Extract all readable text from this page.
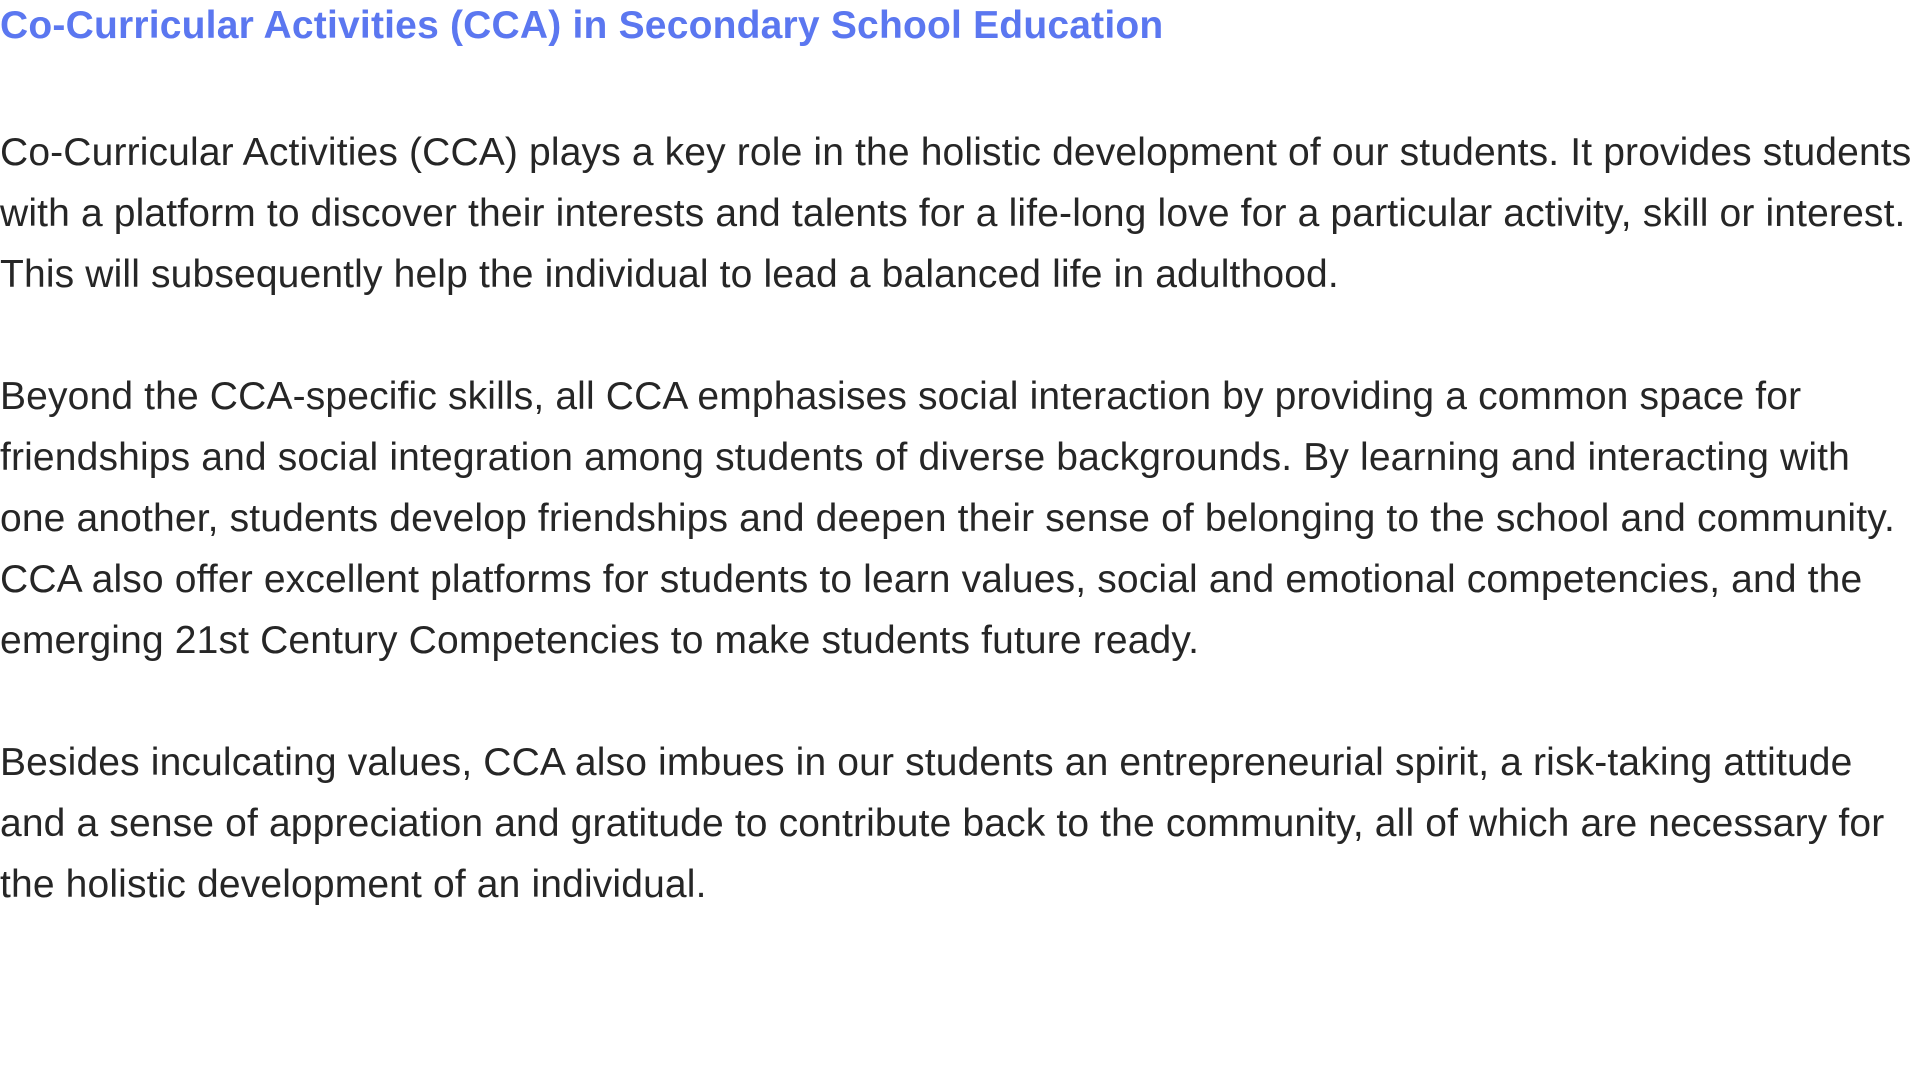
Co-Curricular Activities (CCA) in Secondary School Education

Co-Curricular Activities (CCA) plays a key role in the holistic development of our students. It provides students with a platform to discover their interests and talents for a life-long love for a particular activity, skill or interest. This will subsequently help the individual to lead a balanced life in adulthood.

Beyond the CCA-specific skills, all CCA emphasises social interaction by providing a common space for friendships and social integration among students of diverse backgrounds. By learning and interacting with one another, students develop friendships and deepen their sense of belonging to the school and community. CCA also offer excellent platforms for students to learn values, social and emotional competencies, and the emerging 21st Century Competencies to make students future ready.

Besides inculcating values, CCA also imbues in our students an entrepreneurial spirit, a risk-taking attitude and a sense of appreciation and gratitude to contribute back to the community, all of which are necessary for the holistic development of an individual.
